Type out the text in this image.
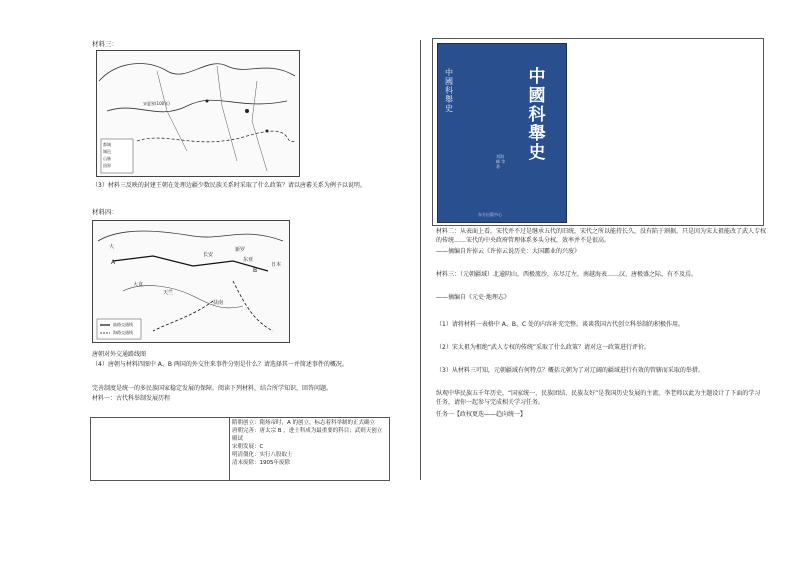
材料三：
宋夏界(100年)
都城
城邑
山脉
国界
（3）材料三反映的封建王朝在处理边疆少数民族关系时采取了什么政策？请以唐蕃关系为例予以说明。
材料四：
大	新罗
长安
东亚
A
B
日本
扶南
天竺
大食
陆路交通线
海路交通线
唐朝对外交通路线图
（4）唐朝与材料四图中 A、B 两国的外交往来事件分别是什么？请选择其一并简述事件的概况。
完善制度是统一的多民族国家稳定发展的保障。阅读下列材料，结合所学知识，回答问题。
材料一：古代科举制发展历程

隋朝创立：隋炀帝时，A 的创立，标志着科举制的正式确立
唐朝完善：唐太宗 B ，进士科成为最重要的科目；武则天创立殿试
宋朝发展：C
明清僵化：实行八股取士
清末废除：1905年废除
中國科舉史
中國科舉史
刘海峰 等著
东方出版中心
材料二：从表面上看，宋代并不过是继承五代的旧统，宋代之所以能持长久，没有陷于割据，只是因为宋太祖能改了武人专权的传统……宋代的中央政府管理体系多头分权，效率并不是很高。
——摘编自许倬云《许倬云说历史：大国霸业的兴废》
材料三：（元朝疆域）北逾阴山，西极流沙，东尽辽左，南越海表……汉、唐极盛之际，有不及焉。
——摘编自《元史·地理志》
（1）请将材料一表格中 A、B、C 处的内容补充完整。谈谈我国古代创立科举制的积极作用。
（2）宋太祖为根绝“武人专权的传统”采取了什么政策？请对这一政策进行评价。
（3）从材料三可知，元朝疆域有何特点？概括元朝为了对辽阔的疆域进行有效的管辖而采取的举措。
纵观中华民族五千年历史，“国家统一、民族团结、民族友好”是我国历史发展的主流。李老师以此为主题设计了下面的学习任务，请你一起参与完成相关学习任务。
任务一【政权更迭——趋向统一】
